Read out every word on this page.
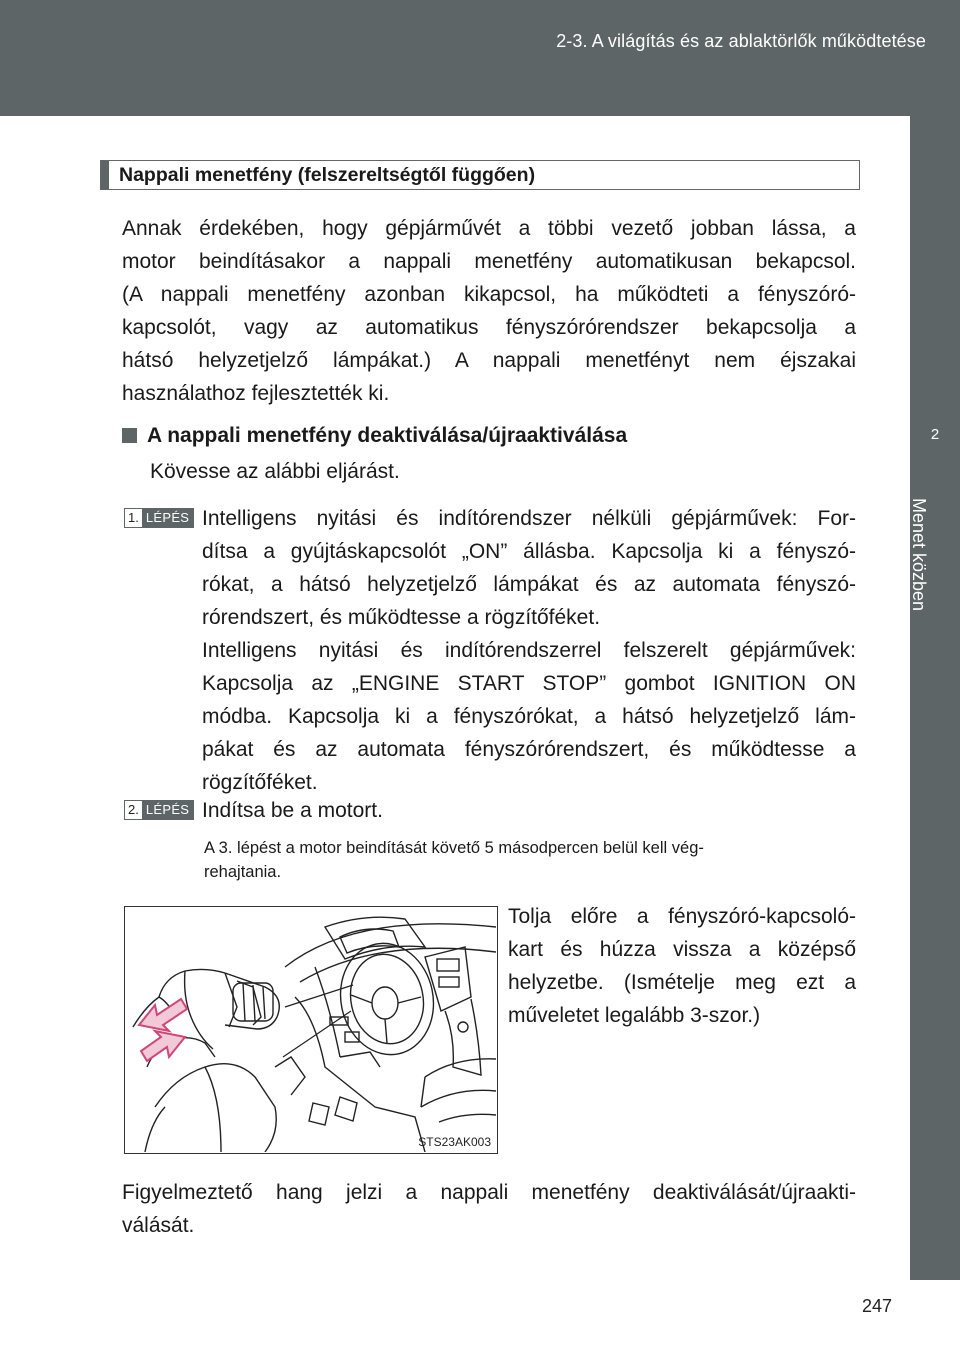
2-3. A világítás és az ablaktörlők működtetése
2
Menet közben
Nappali menetfény (felszereltségtől függően)
Annak érdekében, hogy gépjárművét a többi vezető jobban lássa, a
motor beindításakor a nappali menetfény automatikusan bekapcsol.
(A nappali menetfény azonban kikapcsol, ha működteti a fényszóró-
kapcsolót, vagy az automatikus fényszórórendszer bekapcsolja a
hátsó helyzetjelző lámpákat.) A nappali menetfényt nem éjszakai
használathoz fejlesztették ki.
A nappali menetfény deaktiválása/újraaktiválása
Kövesse az alábbi eljárást.
1. LÉPÉS Intelligens nyitási és indítórendszer nélküli gépjárművek: For-
dítsa a gyújtáskapcsolót „ON” állásba. Kapcsolja ki a fényszó-
rókat, a hátsó helyzetjelző lámpákat és az automata fényszó-
rórendszert, és működtesse a rögzítőféket.
Intelligens nyitási és indítórendszerrel felszerelt gépjárművek:
Kapcsolja az „ENGINE START STOP” gombot IGNITION ON
módba. Kapcsolja ki a fényszórókat, a hátsó helyzetjelző lám-
pákat és az automata fényszórórendszert, és működtesse a
rögzítőféket.
2. LÉPÉS Indítsa be a motort.
A 3. lépést a motor beindítását követő 5 másodpercen belül kell vég-
rehajtania.
STS23AK003
Tolja előre a fényszóró-kapcsoló-
kart és húzza vissza a középső
helyzetbe. (Ismételje meg ezt a
műveletet legalább 3-szor.)
Figyelmeztető hang jelzi a nappali menetfény deaktiválását/újraakti-
válását.
247
